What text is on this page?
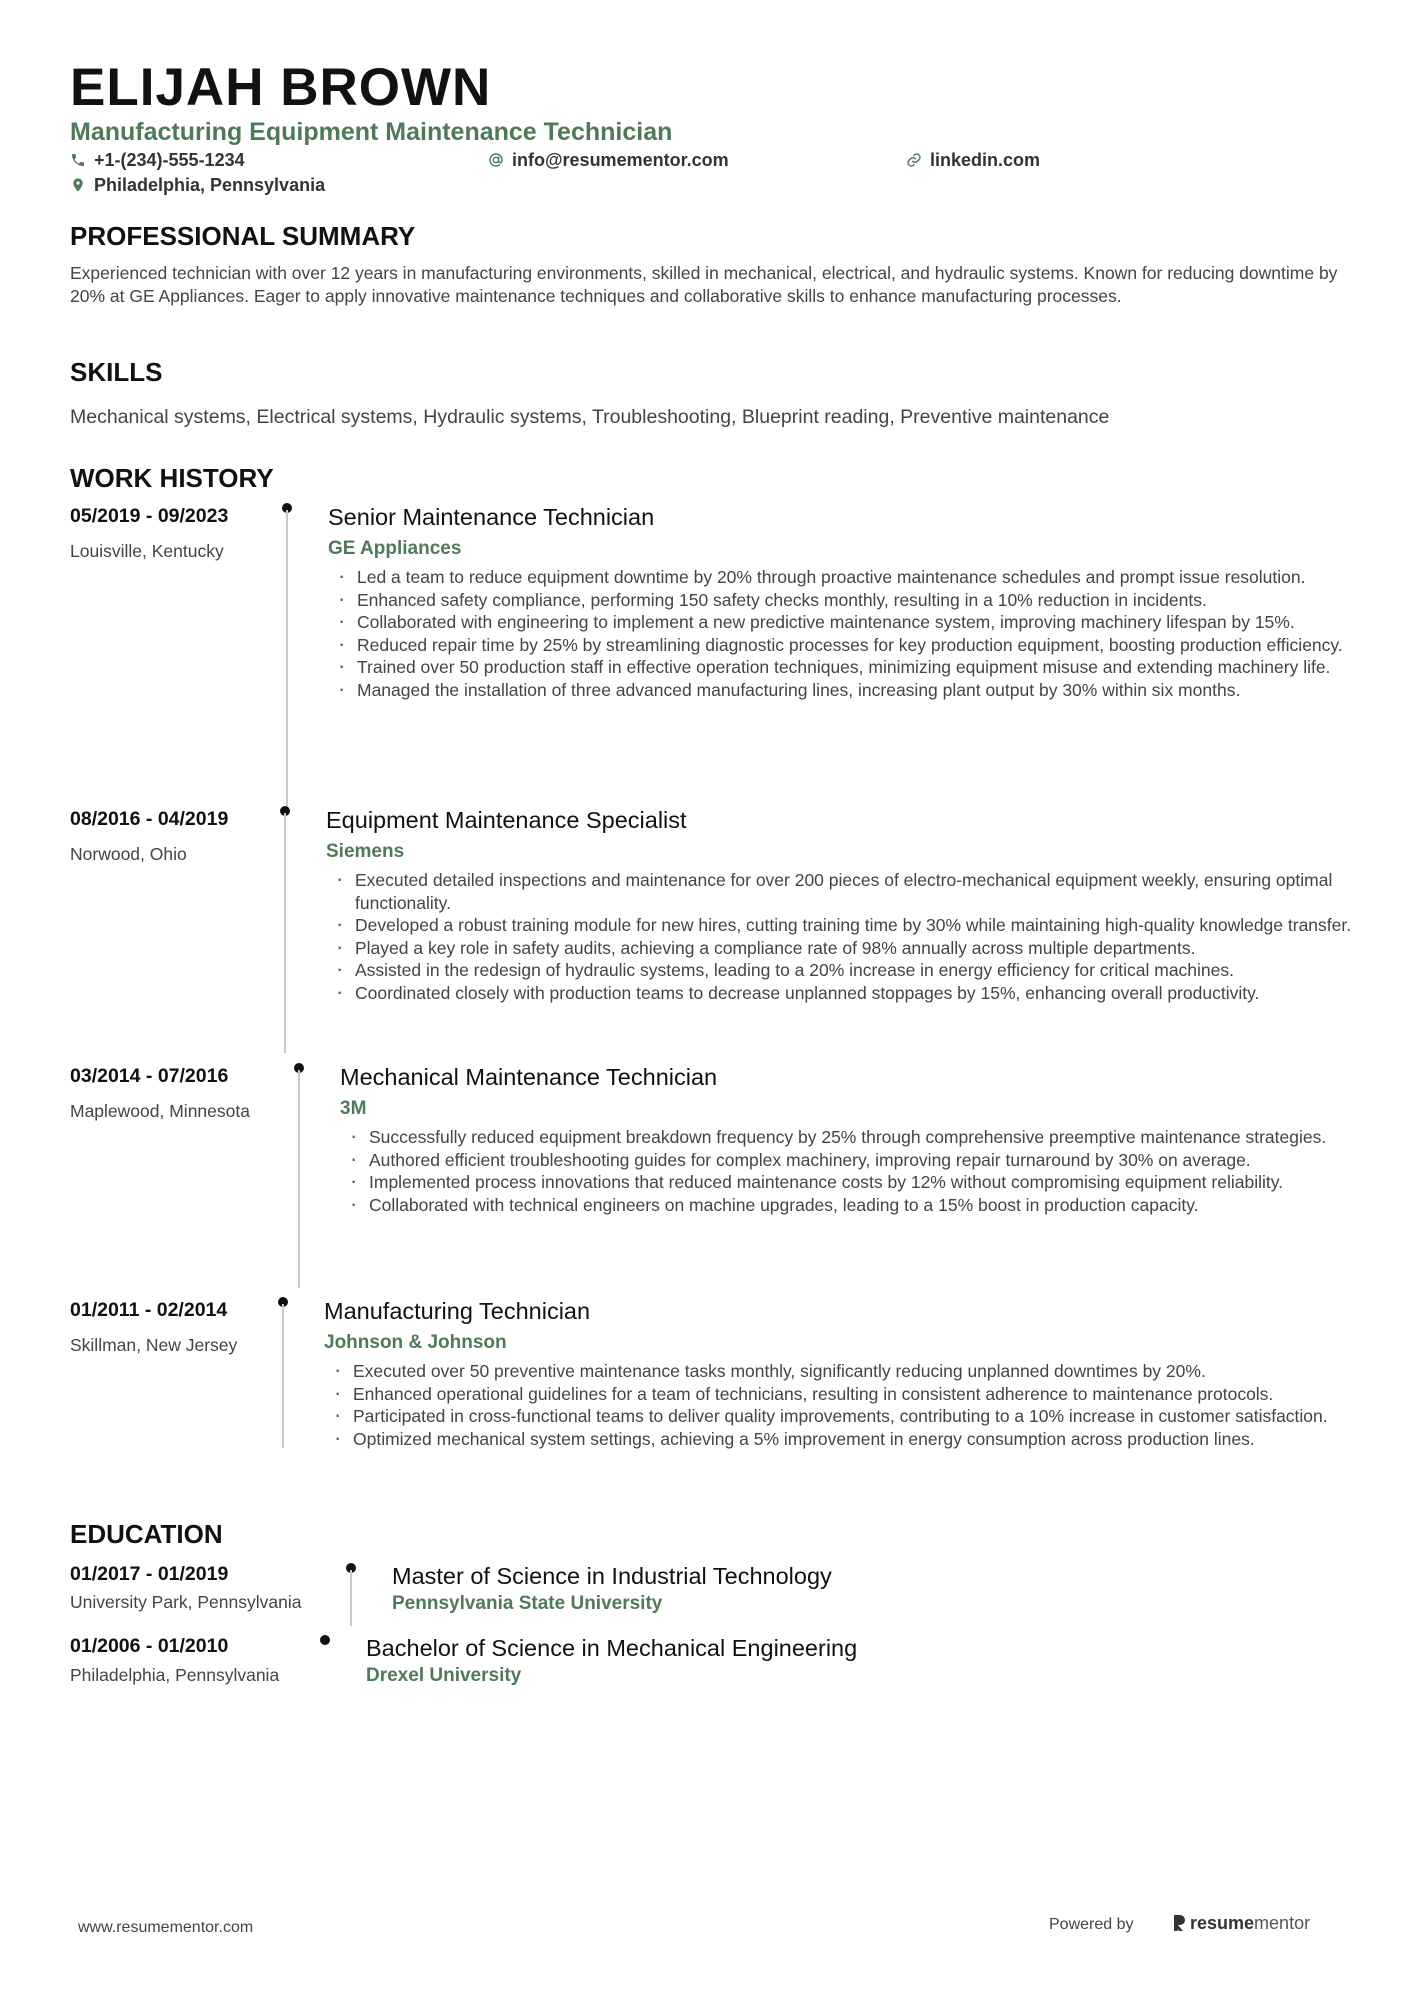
ELIJAH BROWN
Manufacturing Equipment Maintenance Technician
+1-(234)-555-1234	info@resumementor.com	linkedin.com
Philadelphia, Pennsylvania
PROFESSIONAL SUMMARY
Experienced technician with over 12 years in manufacturing environments, skilled in mechanical, electrical, and hydraulic systems. Known for reducing downtime by 20% at GE Appliances. Eager to apply innovative maintenance techniques and collaborative skills to enhance manufacturing processes.
SKILLS
Mechanical systems, Electrical systems, Hydraulic systems, Troubleshooting, Blueprint reading, Preventive maintenance
WORK HISTORY
05/2019 - 09/2023
Louisville, Kentucky
Senior Maintenance Technician
GE Appliances
· Led a team to reduce equipment downtime by 20% through proactive maintenance schedules and prompt issue resolution.
· Enhanced safety compliance, performing 150 safety checks monthly, resulting in a 10% reduction in incidents.
· Collaborated with engineering to implement a new predictive maintenance system, improving machinery lifespan by 15%.
· Reduced repair time by 25% by streamlining diagnostic processes for key production equipment, boosting production efficiency.
· Trained over 50 production staff in effective operation techniques, minimizing equipment misuse and extending machinery life.
· Managed the installation of three advanced manufacturing lines, increasing plant output by 30% within six months.
08/2016 - 04/2019
Norwood, Ohio
Equipment Maintenance Specialist
Siemens
· Executed detailed inspections and maintenance for over 200 pieces of electro-mechanical equipment weekly, ensuring optimal functionality.
· Developed a robust training module for new hires, cutting training time by 30% while maintaining high-quality knowledge transfer.
· Played a key role in safety audits, achieving a compliance rate of 98% annually across multiple departments.
· Assisted in the redesign of hydraulic systems, leading to a 20% increase in energy efficiency for critical machines.
· Coordinated closely with production teams to decrease unplanned stoppages by 15%, enhancing overall productivity.
03/2014 - 07/2016
Maplewood, Minnesota
Mechanical Maintenance Technician
3M
· Successfully reduced equipment breakdown frequency by 25% through comprehensive preemptive maintenance strategies.
· Authored efficient troubleshooting guides for complex machinery, improving repair turnaround by 30% on average.
· Implemented process innovations that reduced maintenance costs by 12% without compromising equipment reliability.
· Collaborated with technical engineers on machine upgrades, leading to a 15% boost in production capacity.
01/2011 - 02/2014
Skillman, New Jersey
Manufacturing Technician
Johnson & Johnson
· Executed over 50 preventive maintenance tasks monthly, significantly reducing unplanned downtimes by 20%.
· Enhanced operational guidelines for a team of technicians, resulting in consistent adherence to maintenance protocols.
· Participated in cross-functional teams to deliver quality improvements, contributing to a 10% increase in customer satisfaction.
· Optimized mechanical system settings, achieving a 5% improvement in energy consumption across production lines.
EDUCATION
01/2017 - 01/2019
University Park, Pennsylvania
Master of Science in Industrial Technology
Pennsylvania State University
01/2006 - 01/2010
Philadelphia, Pennsylvania
Bachelor of Science in Mechanical Engineering
Drexel University
www.resumementor.com	Powered by	resume mentor
